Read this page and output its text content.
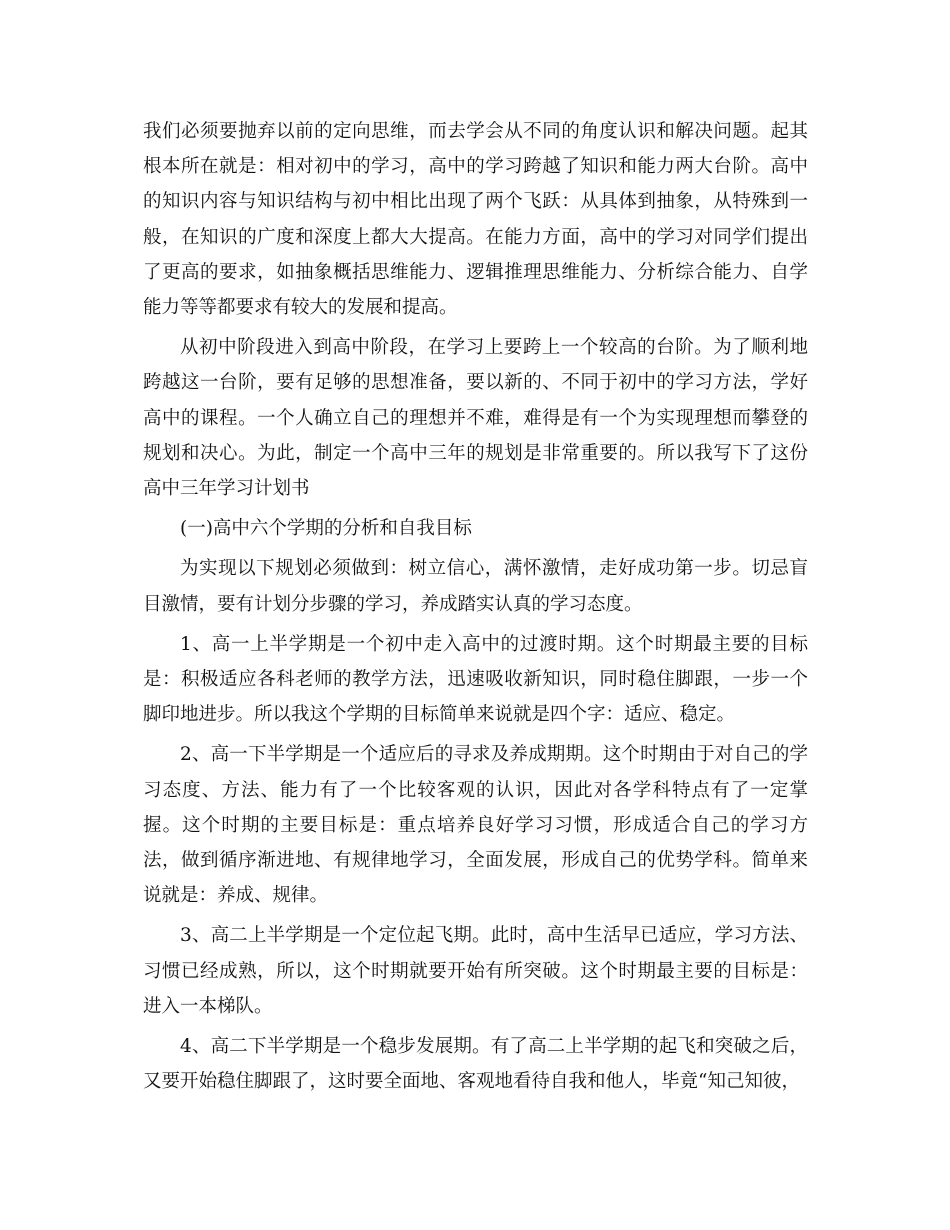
我们必须要抛弃以前的定向思维，而去学会从不同的角度认识和解决问题。起其根本所在就是：相对初中的学习，高中的学习跨越了知识和能力两大台阶。高中的知识内容与知识结构与初中相比出现了两个飞跃：从具体到抽象，从特殊到一般，在知识的广度和深度上都大大提高。在能力方面，高中的学习对同学们提出了更高的要求，如抽象概括思维能力、逻辑推理思维能力、分析综合能力、自学能力等等都要求有较大的发展和提高。

从初中阶段进入到高中阶段，在学习上要跨上一个较高的台阶。为了顺利地跨越这一台阶，要有足够的思想准备，要以新的、不同于初中的学习方法，学好高中的课程。一个人确立自己的理想并不难，难得是有一个为实现理想而攀登的规划和决心。为此，制定一个高中三年的规划是非常重要的。所以我写下了这份高中三年学习计划书

(一)高中六个学期的分析和自我目标

为实现以下规划必须做到：树立信心，满怀激情，走好成功第一步。切忌盲目激情，要有计划分步骤的学习，养成踏实认真的学习态度。

1、高一上半学期是一个初中走入高中的过渡时期。这个时期最主要的目标是：积极适应各科老师的教学方法，迅速吸收新知识，同时稳住脚跟，一步一个脚印地进步。所以我这个学期的目标简单来说就是四个字：适应、稳定。

2、高一下半学期是一个适应后的寻求及养成期期。这个时期由于对自己的学习态度、方法、能力有了一个比较客观的认识，因此对各学科特点有了一定掌握。这个时期的主要目标是：重点培养良好学习习惯，形成适合自己的学习方法，做到循序渐进地、有规律地学习，全面发展，形成自己的优势学科。简单来说就是：养成、规律。

3、高二上半学期是一个定位起飞期。此时，高中生活早已适应，学习方法、习惯已经成熟，所以，这个时期就要开始有所突破。这个时期最主要的目标是：进入一本梯队。

4、高二下半学期是一个稳步发展期。有了高二上半学期的起飞和突破之后，又要开始稳住脚跟了，这时要全面地、客观地看待自我和他人，毕竟“知己知彼，
